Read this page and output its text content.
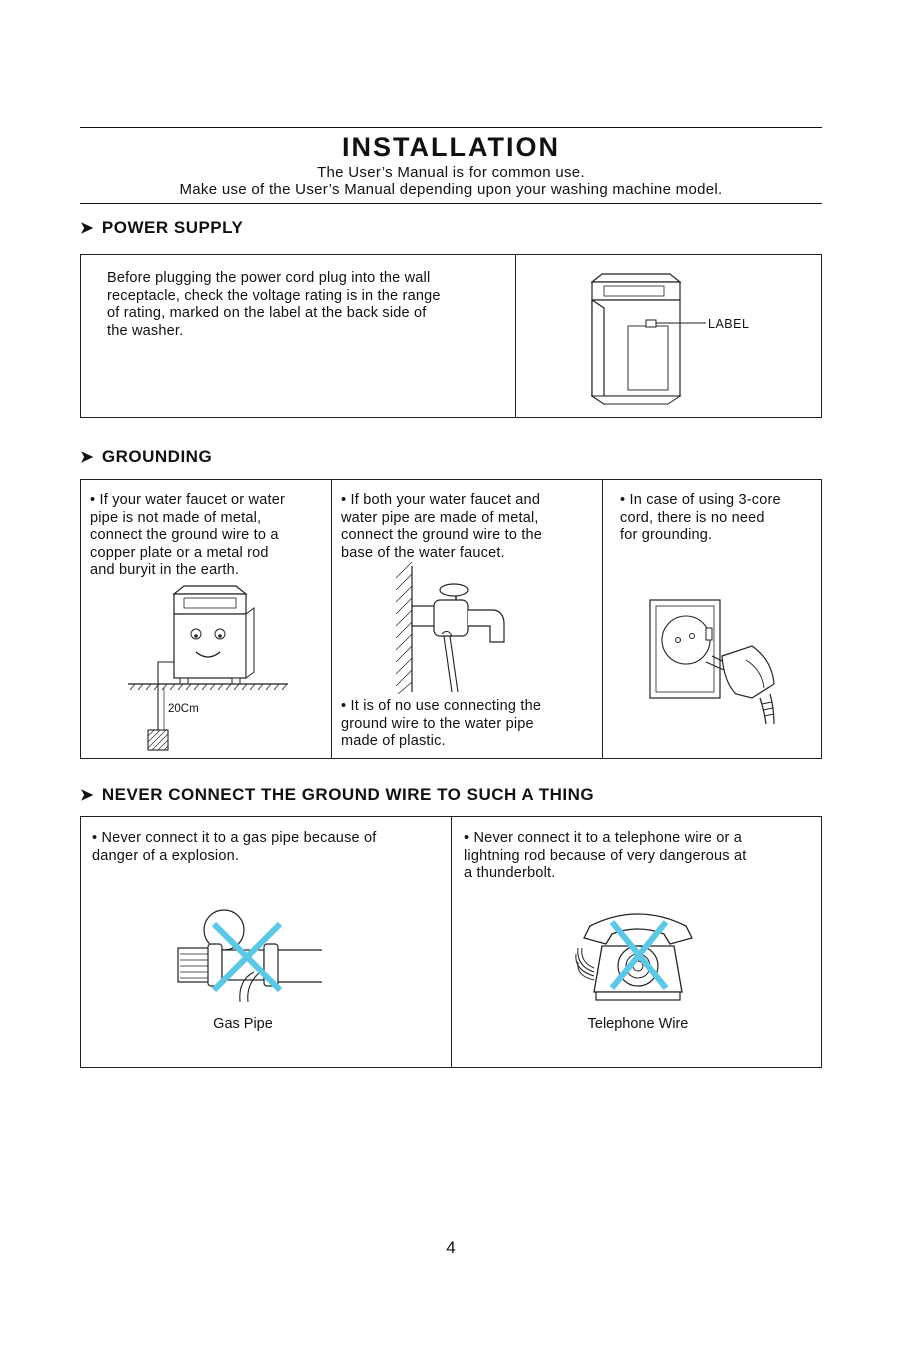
INSTALLATION
The User’s Manual is for common use.
Make use of the User’s Manual depending upon your washing machine model.
➤ POWER SUPPLY
Before plugging the power cord plug into the wall
receptacle, check the voltage rating is in the range
of rating, marked on the label at the back side of
the washer.	LABEL
➤ GROUNDING
• If your water faucet or water
pipe is not made of metal,
connect the ground wire to a
copper plate or a metal rod
and buryit in the earth.
20Cm
• If both your water faucet and
water pipe are made of metal,
connect the ground wire to the
base of the water faucet.
• It is of no use connecting the
ground wire to the water pipe
made of plastic.
• In case of using 3-core
cord, there is no need
for grounding.
➤ NEVER CONNECT THE GROUND WIRE TO SUCH A THING
• Never connect it to a gas pipe because of
danger of a explosion.
Gas Pipe
• Never connect it to a telephone wire or a
lightning rod because of very dangerous at
a thunderbolt.
Telephone Wire
4
